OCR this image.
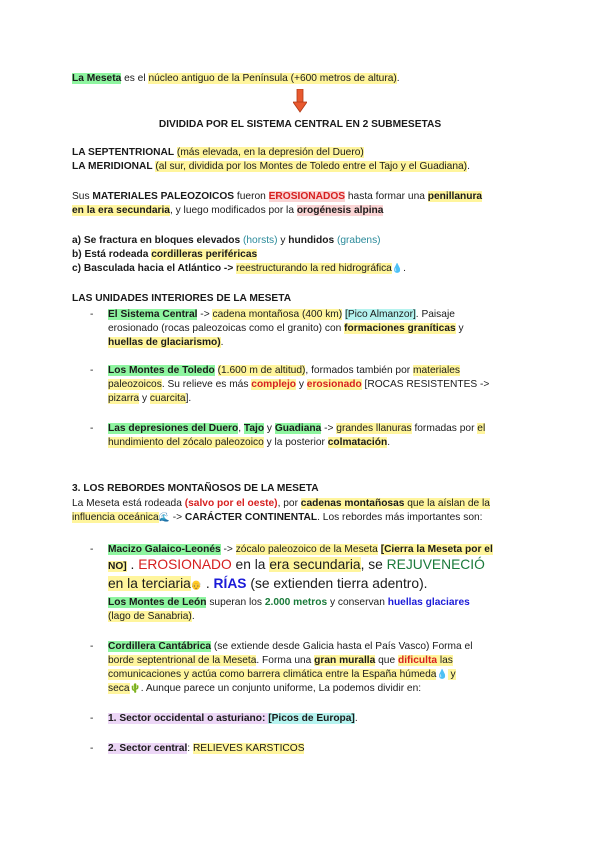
La Meseta es el núcleo antiguo de la Península (+600 metros de altura).
DIVIDIDA POR EL SISTEMA CENTRAL EN 2 SUBMESETAS
LA SEPTENTRIONAL (más elevada, en la depresión del Duero)
LA MERIDIONAL (al sur, dividida por los Montes de Toledo entre el Tajo y el Guadiana).
Sus MATERIALES PALEOZOICOS fueron EROSIONADOS hasta formar una penillanura
en la era secundaria, y luego modificados por la orogénesis alpina
a) Se fractura en bloques elevados (horsts) y hundidos (grabens)
b) Está rodeada cordilleras periféricas
c) Basculada hacia el Atlántico -> reestructurando la red hidrográfica💧.
LAS UNIDADES INTERIORES DE LA MESETA
- El Sistema Central -> cadena montañosa (400 km) [Pico Almanzor]. Paisaje
erosionado (rocas paleozoicas como el granito) con formaciones graníticas y
huellas de glaciarismo).
- Los Montes de Toledo (1.600 m de altitud), formados también por materiales
paleozoicos. Su relieve es más complejo y erosionado [ROCAS RESISTENTES ->
pizarra y cuarcita].
- Las depresiones del Duero, Tajo y Guadiana -> grandes llanuras formadas por el
hundimiento del zócalo paleozoico y la posterior colmatación.
3. LOS REBORDES MONTAÑOSOS DE LA MESETA
La Meseta está rodeada (salvo por el oeste), por cadenas montañosas que la aíslan de la
influencia oceánica🌊 -> CARÁCTER CONTINENTAL. Los rebordes más importantes son:
- Macizo Galaico-Leonés -> zócalo paleozoico de la Meseta [Cierra la Meseta por el
NO] . EROSIONADO en la era secundaria, se REJUVENECIÓ
en la terciaria👴 . RÍAS (se extienden tierra adentro).
Los Montes de León superan los 2.000 metros y conservan huellas glaciares
(lago de Sanabria).
- Cordillera Cantábrica (se extiende desde Galicia hasta el País Vasco) Forma el
borde septentrional de la Meseta. Forma una gran muralla que dificulta las
comunicaciones y actúa como barrera climática entre la España húmeda💧 y
seca🌵. Aunque parece un conjunto uniforme, La podemos dividir en:
- 1. Sector occidental o asturiano: [Picos de Europa].
- 2. Sector central: RELIEVES KARSTICOS
